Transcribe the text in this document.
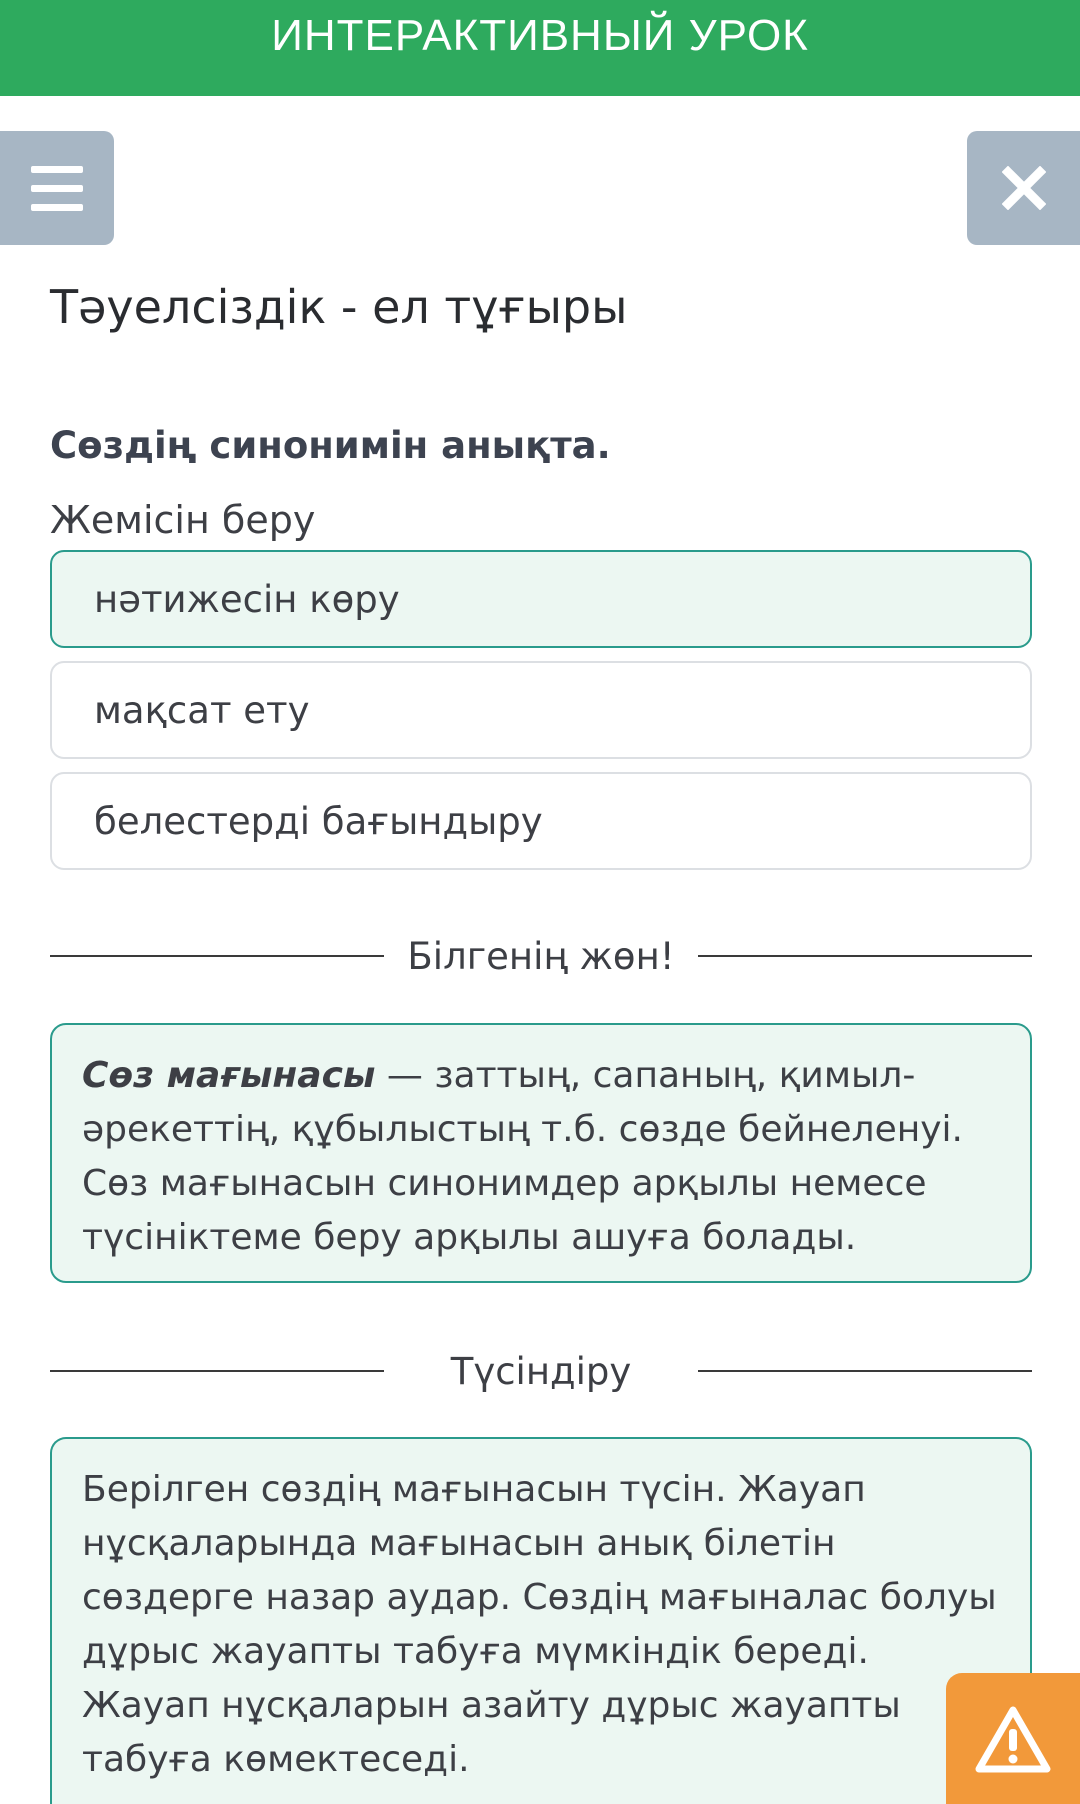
ИНТЕРАКТИВНЫЙ УРОК
Тәуелсіздік - ел тұғыры
Сөздің синонимін анықта.
Жемісін беру
нәтижесін көру
мақсат ету
белестерді бағындыру
Білгенің жөн!
Сөз мағынасы — заттың, сапаның, қимыл-әрекеттің, құбылыстың т.б. сөзде бейнеленуі. Сөз мағынасын синонимдер арқылы немесе түсініктеме беру арқылы ашуға болады.
Түсіндіру
Берілген сөздің мағынасын түсін. Жауап нұсқаларында мағынасын анық білетін сөздерге назар аудар. Сөздің мағыналас болуы дұрыс жауапты табуға мүмкіндік береді. Жауап нұсқаларын азайту дұрыс жауапты табуға көмектеседі.
